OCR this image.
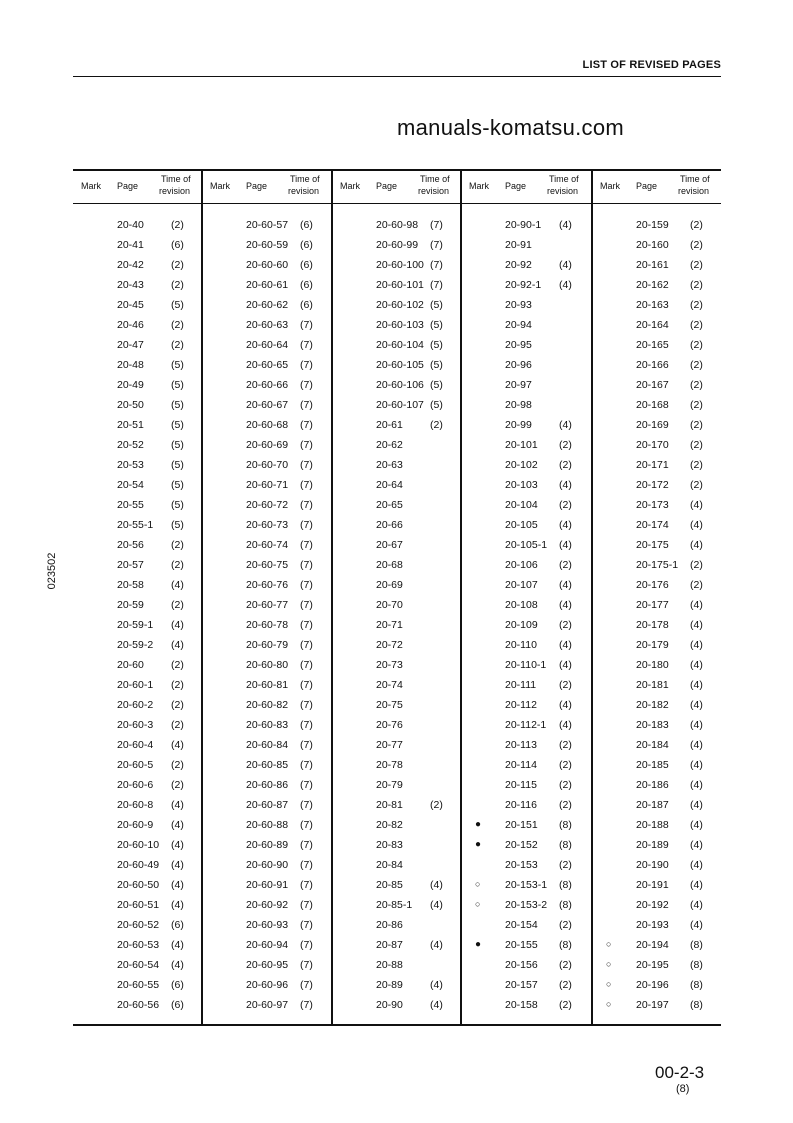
LIST OF REVISED PAGES
Mark Page
Time of
revision
20-40	(2)
20-41	(6)
20-42	(2)
20-43	(2)
20-45	(5)
20-46	(2)
20-47	(2)
20-48	(5)
20-49	(5)
20-50	(5)
20-51	(5)
20-52	(5)
20-53	(5)
20-54	(5)
20-55	(5)
20-55-1 (5)
20-56	(2)
20-57	(2)
20-58	(4)
20-59	(2)
20-59-1 (4)
20-59-2 (4)
20-60	(2)
20-60-1 (2)
20-60-2 (2)
20-60-3 (2)
20-60-4 (4)
20-60-5 (2)
20-60-6 (2)
20-60-8 (4)
20-60-9 (4)
20-60-10 (4)
20-60-49 (4)
20-60-50 (4)
20-60-51 (4)
20-60-52 (6)
20-60-53 (4)
20-60-54 (4)
20-60-55 (6)
20-60-56 (6)
Mark Page
Time of
revision
20-60-57 (6)
20-60-59 (6)
20-60-60 (6)
20-60-61 (6)
20-60-62 (6)
20-60-63 (7)
20-60-64 (7)
20-60-65 (7)
20-60-66 (7)
20-60-67 (7)
20-60-68 (7)
20-60-69 (7)
20-60-70 (7)
20-60-71 (7)
20-60-72 (7)
20-60-73 (7)
20-60-74 (7)
20-60-75 (7)
20-60-76 (7)
20-60-77 (7)
20-60-78 (7)
20-60-79 (7)
20-60-80 (7)
20-60-81 (7)
20-60-82 (7)
20-60-83 (7)
20-60-84 (7)
20-60-85 (7)
20-60-86 (7)
20-60-87 (7)
20-60-88 (7)
20-60-89 (7)
20-60-90 (7)
20-60-91 (7)
20-60-92 (7)
20-60-93 (7)
20-60-94 (7)
20-60-95 (7)
20-60-96 (7)
20-60-97 (7)
Mark Page
Time of
revision
20-60-98 (7)
20-60-99 (7)
20-60-100 (7)
20-60-101 (7)
20-60-102 (5)
20-60-103 (5)
20-60-104 (5)
20-60-105 (5)
20-60-106 (5)
20-60-107 (5)
20-61	(2)
20-62
20-63
20-64
20-65
20-66
20-67
20-68
20-69
20-70
20-71
20-72
20-73
20-74
20-75
20-76
20-77
20-78
20-79
20-81	(2)
20-82
20-83
20-84
20-85	(4)
20-85-1 (4)
20-86
20-87	(4)
20-88
20-89	(4)
20-90	(4)
Mark Page
Time of
revision
20-90-1 (4)
20-91
20-92	(4)
20-92-1 (4)
20-93
20-94
20-95
20-96
20-97
20-98
20-99	(4)
20-101 (2)
20-102 (2)
20-103 (4)
20-104 (2)
20-105 (4)
20-105-1 (4)
20-106 (2)
20-107 (4)
20-108 (4)
20-109 (2)
20-110 (4)
20-110-1 (4)
20-111 (2)
20-112 (4)
20-112-1 (4)
20-113 (2)
20-114 (2)
20-115 (2)
20-116 (2)
● 20-151 (8)
● 20-152 (8)
20-153 (2)
○ 20-153-1 (8)
○ 20-153-2 (8)
20-154 (2)
● 20-155 (8)
20-156 (2)
20-157 (2)
20-158 (2)
Mark Page
Time of
revision
20-159 (2)
20-160 (2)
20-161 (2)
20-162 (2)
20-163 (2)
20-164 (2)
20-165 (2)
20-166 (2)
20-167 (2)
20-168 (2)
20-169 (2)
20-170 (2)
20-171 (2)
20-172 (2)
20-173 (4)
20-174 (4)
20-175 (4)
20-175-1 (2)
20-176 (2)
20-177 (4)
20-178 (4)
20-179 (4)
20-180 (4)
20-181 (4)
20-182 (4)
20-183 (4)
20-184 (4)
20-185 (4)
20-186 (4)
20-187 (4)
20-188 (4)
20-189 (4)
20-190 (4)
20-191 (4)
20-192 (4)
20-193 (4)
○ 20-194 (8)
○ 20-195 (8)
○ 20-196 (8)
○ 20-197 (8)
023502
manuals-komatsu.com
00-2-3
(8)
